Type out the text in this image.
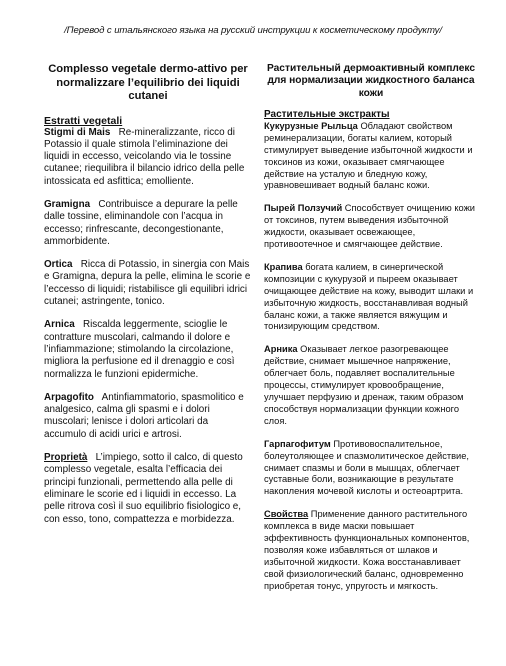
/Перевод с итальянского языка на русский инструкции к косметическому продукту/
Complesso vegetale dermo-attivo per normalizzare l’equilibrio dei liquidi cutanei
Estratti vegetali
Stigmi di Mais Re-mineralizzante, ricco di Potassio il quale stimola l’eliminazione dei liquidi in eccesso, veicolando via le tossine cutanee; riequilibra il bilancio idrico della pelle intossicata ed asfittica; emolliente.
Gramigna Contribuisce a depurare la pelle dalle tossine, eliminandole con l’acqua in eccesso; rinfrescante, decongestionante, ammorbidente.
Ortica Ricca di Potassio, in sinergia con Mais e Gramigna, depura la pelle, elimina le scorie e l’eccesso di liquidi; ristabilisce gli equilibri idrici cutanei; astringente, tonico.
Arnica Riscalda leggermente, scioglie le contratture muscolari, calmando il dolore e l’infiammazione; stimolando la circolazione, migliora la perfusione ed il drenaggio e così normalizza le funzioni epidermiche.
Arpagofito Antinfiammatorio, spasmolitico e analgesico, calma gli spasmi e i dolori muscolari; lenisce i dolori articolari da accumulo di acidi urici e artrosi.
Proprietà L’impiego, sotto il calco, di questo complesso vegetale, esalta l’efficacia dei principi funzionali, permettendo alla pelle di eliminare le scorie ed i liquidi in eccesso. La pelle ritrova così il suo equilibrio fisiologico e, con esso, tono, compattezza e morbidezza.
Растительный дермоактивный комплекс для нормализации жидкостного баланса кожи
Растительные экстракты
Кукурузные Рыльца Обладают свойством реминерализации, богаты калием, который стимулирует выведение избыточной жидкости и токсинов из кожи, оказывает смягчающее действие на усталую и бледную кожу, уравновешивает водный баланс кожи.
Пырей Ползучий Способствует очищению кожи от токсинов, путем выведения избыточной жидкости, оказывает освежающее, противоотечное и смягчающее действие.
Крапива богата калием, в синергической композиции с кукурузой и пыреем оказывает очищающее действие на кожу, выводит шлаки и избыточную жидкость, восстанавливая водный баланс кожи, а также является вяжущим и тонизирующим средством.
Арника Оказывает легкое разогревающее действие, снимает мышечное напряжение, облегчает боль, подавляет воспалительные процессы, стимулирует кровообращение, улучшает перфузию и дренаж, таким образом способствуя нормализации функции кожного слоя.
Гарпагофитум Противовоспалительное, болеутоляющее и спазмолитическое действие, снимает спазмы и боли в мышцах, облегчает суставные боли, возникающие в результате накопления мочевой кислоты и остеоартрита.
Свойства Применение данного растительного комплекса в виде маски повышает эффективность функциональных компонентов, позволяя коже избавляться от шлаков и избыточной жидкости. Кожа восстанавливает свой физиологический баланс, одновременно приобретая тонус, упругость и мягкость.
